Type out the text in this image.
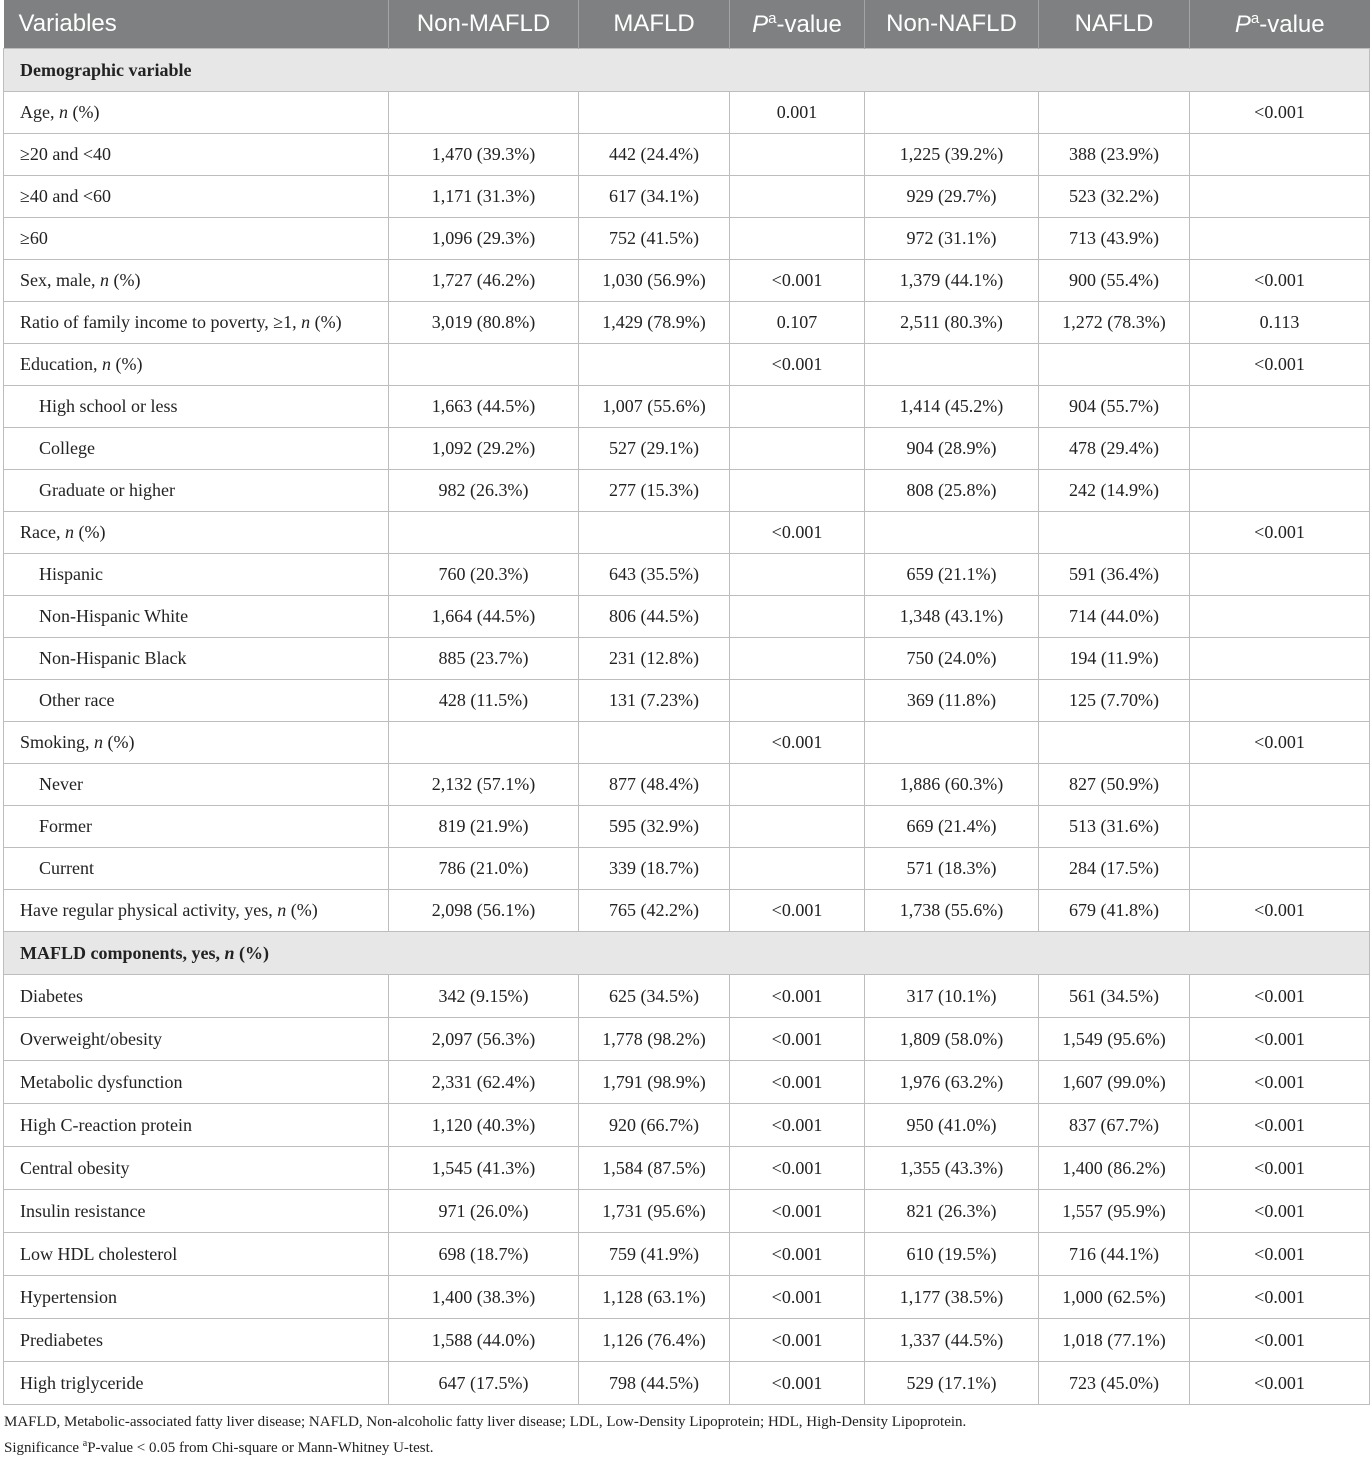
Variables	Non-MAFLD	MAFLD	$P^a$-value	Non-NAFLD	NAFLD	$P^a$-value
Demographic variable						
Age, n (%)			0.001			<0.001
≥20 and <40	1,470 (39.3%)	442 (24.4%)		1,225 (39.2%)	388 (23.9%)	
≥40 and <60	1,171 (31.3%)	617 (34.1%)		929 (29.7%)	523 (32.2%)	
≥60	1,096 (29.3%)	752 (41.5%)		972 (31.1%)	713 (43.9%)	
Sex, male, n (%)	1,727 (46.2%)	1,030 (56.9%)	<0.001	1,379 (44.1%)	900 (55.4%)	<0.001
Ratio of family income to poverty, ≥1, n (%)	3,019 (80.8%)	1,429 (78.9%)	0.107	2,511 (80.3%)	1,272 (78.3%)	0.113
Education, n (%)			<0.001			<0.001
High school or less	1,663 (44.5%)	1,007 (55.6%)		1,414 (45.2%)	904 (55.7%)	
College	1,092 (29.2%)	527 (29.1%)		904 (28.9%)	478 (29.4%)	
Graduate or higher	982 (26.3%)	277 (15.3%)		808 (25.8%)	242 (14.9%)	
Race, n (%)			<0.001			<0.001
Hispanic	760 (20.3%)	643 (35.5%)		659 (21.1%)	591 (36.4%)	
Non-Hispanic White	1,664 (44.5%)	806 (44.5%)		1,348 (43.1%)	714 (44.0%)	
Non-Hispanic Black	885 (23.7%)	231 (12.8%)		750 (24.0%)	194 (11.9%)	
Other race	428 (11.5%)	131 (7.23%)		369 (11.8%)	125 (7.70%)	
Smoking, n (%)			<0.001			<0.001
Never	2,132 (57.1%)	877 (48.4%)		1,886 (60.3%)	827 (50.9%)	
Former	819 (21.9%)	595 (32.9%)		669 (21.4%)	513 (31.6%)	
Current	786 (21.0%)	339 (18.7%)		571 (18.3%)	284 (17.5%)	
Have regular physical activity, yes, n (%)	2,098 (56.1%)	765 (42.2%)	<0.001	1,738 (55.6%)	679 (41.8%)	<0.001
MAFLD components, yes, n (%)						
Diabetes	342 (9.15%)	625 (34.5%)	<0.001	317 (10.1%)	561 (34.5%)	<0.001
Overweight/obesity	2,097 (56.3%)	1,778 (98.2%)	<0.001	1,809 (58.0%)	1,549 (95.6%)	<0.001
Metabolic dysfunction	2,331 (62.4%)	1,791 (98.9%)	<0.001	1,976 (63.2%)	1,607 (99.0%)	<0.001
High C-reaction protein	1,120 (40.3%)	920 (66.7%)	<0.001	950 (41.0%)	837 (67.7%)	<0.001
Central obesity	1,545 (41.3%)	1,584 (87.5%)	<0.001	1,355 (43.3%)	1,400 (86.2%)	<0.001
Insulin resistance	971 (26.0%)	1,731 (95.6%)	<0.001	821 (26.3%)	1,557 (95.9%)	<0.001
Low HDL cholesterol	698 (18.7%)	759 (41.9%)	<0.001	610 (19.5%)	716 (44.1%)	<0.001
Hypertension	1,400 (38.3%)	1,128 (63.1%)	<0.001	1,177 (38.5%)	1,000 (62.5%)	<0.001
Prediabetes	1,588 (44.0%)	1,126 (76.4%)	<0.001	1,337 (44.5%)	1,018 (77.1%)	<0.001
High triglyceride	647 (17.5%)	798 (44.5%)	<0.001	529 (17.1%)	723 (45.0%)	<0.001
MAFLD, Metabolic-associated fatty liver disease; NAFLD, Non-alcoholic fatty liver disease; LDL, Low-Density Lipoprotein; HDL, High-Density Lipoprotein.
Significance $^a$P-value < 0.05 from Chi-square or Mann-Whitney U-test.
